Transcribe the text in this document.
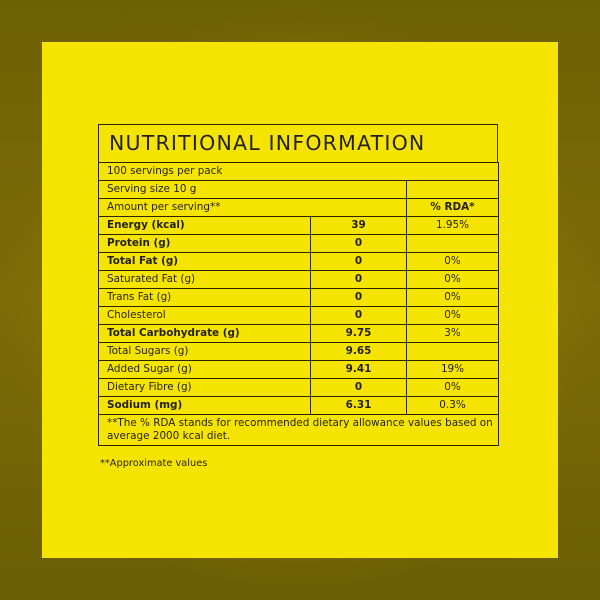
NUTRITIONAL INFORMATION
100 servings per pack		
Serving size 10 g		
Amount per serving**		% RDA*
Energy (kcal)	39	1.95%
Protein (g)	0	
Total Fat (g)	0	0%
Saturated Fat (g)	0	0%
Trans Fat (g)	0	0%
Cholesterol	0	0%
Total Carbohydrate (g)	9.75	3%
Total Sugars (g)	9.65	
Added Sugar (g)	9.41	19%
Dietary Fibre (g)	0	0%
Sodium (mg)	6.31	0.3%
**The % RDA stands for recommended dietary allowance values based on average 2000 kcal diet.		
**Approximate values
